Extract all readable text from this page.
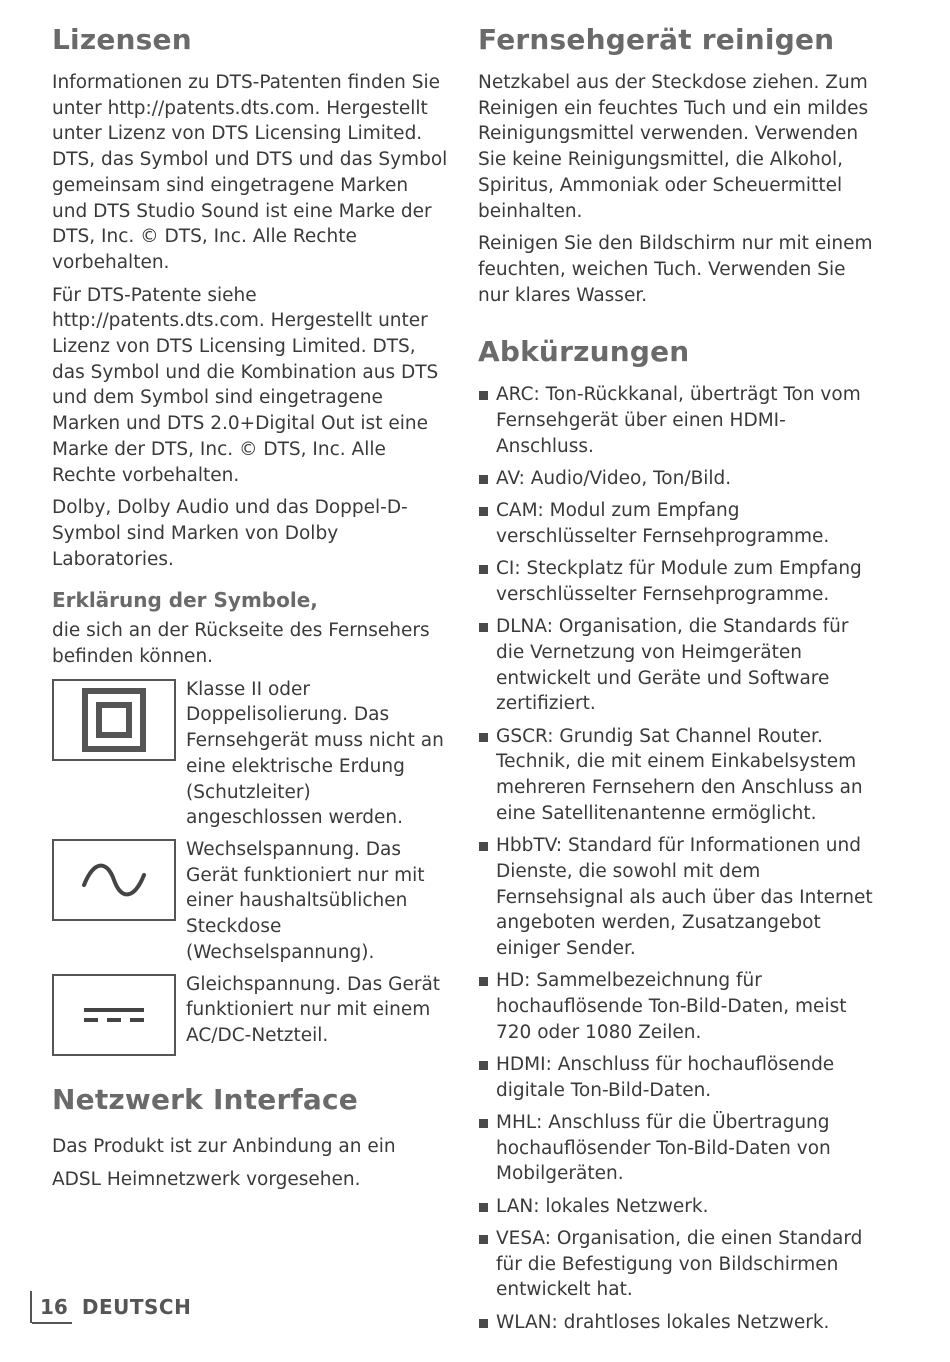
Lizensen

Informationen zu DTS-Patenten finden Sie unter http://patents.dts.com. Hergestellt unter Lizenz von DTS Licensing Limited. DTS, das Symbol und DTS und das Symbol gemeinsam sind eingetragene Marken und DTS Studio Sound ist eine Marke der DTS, Inc. © DTS, Inc. Alle Rechte vorbehalten.

Für DTS-Patente siehe http://patents.dts.com. Hergestellt unter Lizenz von DTS Licensing Limited. DTS, das Symbol und die Kombination aus DTS und dem Symbol sind eingetragene Marken und DTS 2.0+Digital Out ist eine Marke der DTS, Inc. © DTS, Inc. Alle Rechte vorbehalten.

Dolby, Dolby Audio und das Doppel-D-Symbol sind Marken von Dolby Laboratories.

Erklärung der Symbole,

die sich an der Rückseite des Fernsehers befinden können.

Klasse II oder Doppelisolierung. Das Fernsehgerät muss nicht an eine elektrische Erdung (Schutzleiter) angeschlossen werden.
Wechselspannung. Das Gerät funktioniert nur mit einer haushaltsüblichen Steckdose (Wechselspannung).
Gleichspannung. Das Gerät funktioniert nur mit einem AC/DC-Netzteil.
Netzwerk Interface

Das Produkt ist zur Anbindung an ein ADSL Heimnetzwerk vorgesehen.

Fernsehgerät reinigen

Netzkabel aus der Steckdose ziehen. Zum Reinigen ein feuchtes Tuch und ein mildes Reinigungsmittel verwenden. Verwenden Sie keine Reinigungsmittel, die Alkohol, Spiritus, Ammoniak oder Scheuermittel beinhalten.

Reinigen Sie den Bildschirm nur mit einem feuchten, weichen Tuch. Verwenden Sie nur klares Wasser.

Abkürzungen
ARC: Ton-Rückkanal, überträgt Ton vom Fernsehgerät über einen HDMI-Anschluss.
AV: Audio/Video, Ton/Bild.
CAM: Modul zum Empfang verschlüsselter Fernsehprogramme.
CI: Steckplatz für Module zum Empfang verschlüsselter Fernsehprogramme.
DLNA: Organisation, die Standards für die Vernetzung von Heimgeräten entwickelt und Geräte und Software zertifiziert.
GSCR: Grundig Sat Channel Router. Technik, die mit einem Einkabelsystem mehreren Fernsehern den Anschluss an eine Satellitenantenne ermöglicht.
HbbTV: Standard für Informationen und Dienste, die sowohl mit dem Fernsehsignal als auch über das Internet angeboten werden, Zusatzangebot einiger Sender.
HD: Sammelbezeichnung für hochauflösende Ton-Bild-Daten, meist 720 oder 1080 Zeilen.
HDMI: Anschluss für hochauflösende digitale Ton-Bild-Daten.
MHL: Anschluss für die Übertragung hochauflösender Ton-Bild-Daten von Mobilgeräten.
LAN: lokales Netzwerk.
VESA: Organisation, die einen Standard für die Befestigung von Bildschirmen entwickelt hat.
WLAN: drahtloses lokales Netzwerk.
16 DEUTSCH
